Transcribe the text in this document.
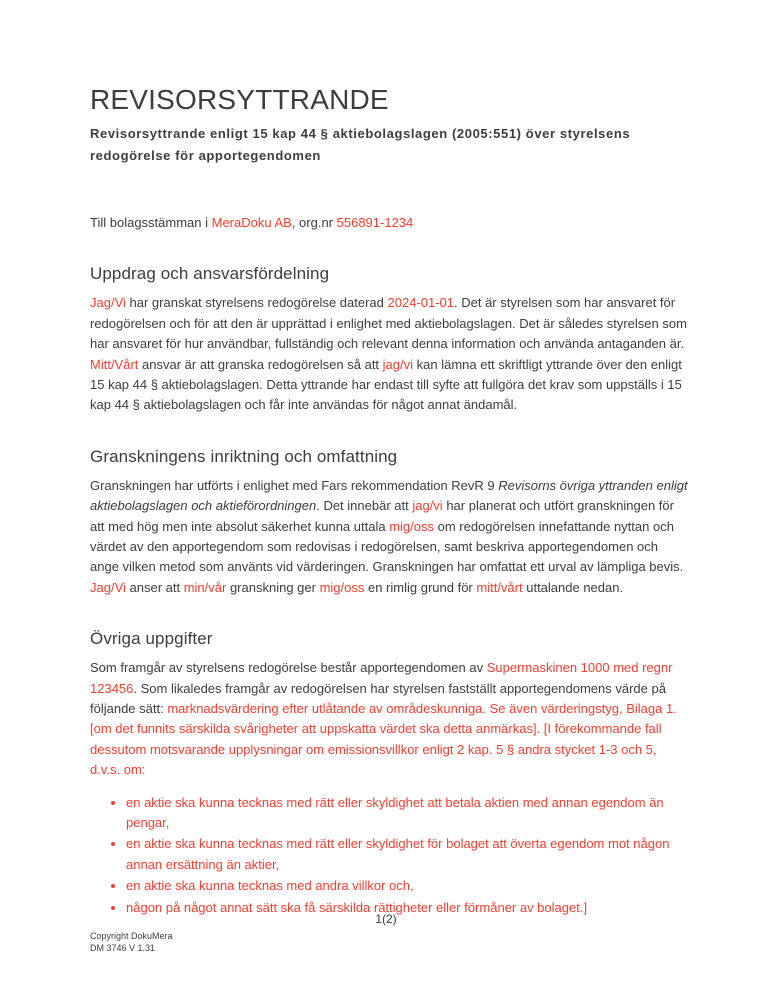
REVISORSYTTRANDE

Revisorsyttrande enligt 15 kap 44 § aktiebolagslagen (2005:551) över styrelsens redogörelse för apportegendomen

Till bolagsstämman i MeraDoku AB, org.nr 556891-1234

Uppdrag och ansvarsfördelning

Jag/Vi har granskat styrelsens redogörelse daterad 2024-01-01. Det är styrelsen som har ansvaret för redogörelsen och för att den är upprättad i enlighet med aktiebolagslagen. Det är således styrelsen som har ansvaret för hur användbar, fullständig och relevant denna information och använda antaganden är. Mitt/Vårt ansvar är att granska redogörelsen så att jag/vi kan lämna ett skriftligt yttrande över den enligt 15 kap 44 § aktiebolagslagen. Detta yttrande har endast till syfte att fullgöra det krav som uppställs i 15 kap 44 § aktiebolagslagen och får inte användas för något annat ändamål.

Granskningens inriktning och omfattning

Granskningen har utförts i enlighet med Fars rekommendation RevR 9 Revisorns övriga yttranden enligt aktiebolagslagen och aktieförordningen. Det innebär att jag/vi har planerat och utfört granskningen för att med hög men inte absolut säkerhet kunna uttala mig/oss om redogörelsen innefattande nyttan och värdet av den apportegendom som redovisas i redogörelsen, samt beskriva apportegendomen och ange vilken metod som använts vid värderingen. Granskningen har omfattat ett urval av lämpliga bevis. Jag/Vi anser att min/vår granskning ger mig/oss en rimlig grund för mitt/vårt uttalande nedan.

Övriga uppgifter

Som framgår av styrelsens redogörelse består apportegendomen av Supermaskinen 1000 med regnr 123456. Som likaledes framgår av redogörelsen har styrelsen fastställt apportegendomens värde på följande sätt: marknadsvärdering efter utlåtande av områdeskunniga. Se även värderingstyg, Bilaga 1. [om det funnits särskilda svårigheter att uppskatta värdet ska detta anmärkas]. [I förekommande fall dessutom motsvarande upplysningar om emissionsvillkor enligt 2 kap. 5 § andra stycket 1-3 och 5, d.v.s. om:

• en aktie ska kunna tecknas med rätt eller skyldighet att betala aktien med annan egendom än pengar,
• en aktie ska kunna tecknas med rätt eller skyldighet för bolaget att överta egendom mot någon annan ersättning än aktier,
• en aktie ska kunna tecknas med andra villkor och,
• någon på något annat sätt ska få särskilda rättigheter eller förmåner av bolaget.]
1(2)
Copyright DokuMera
DM 3746 V 1.31
